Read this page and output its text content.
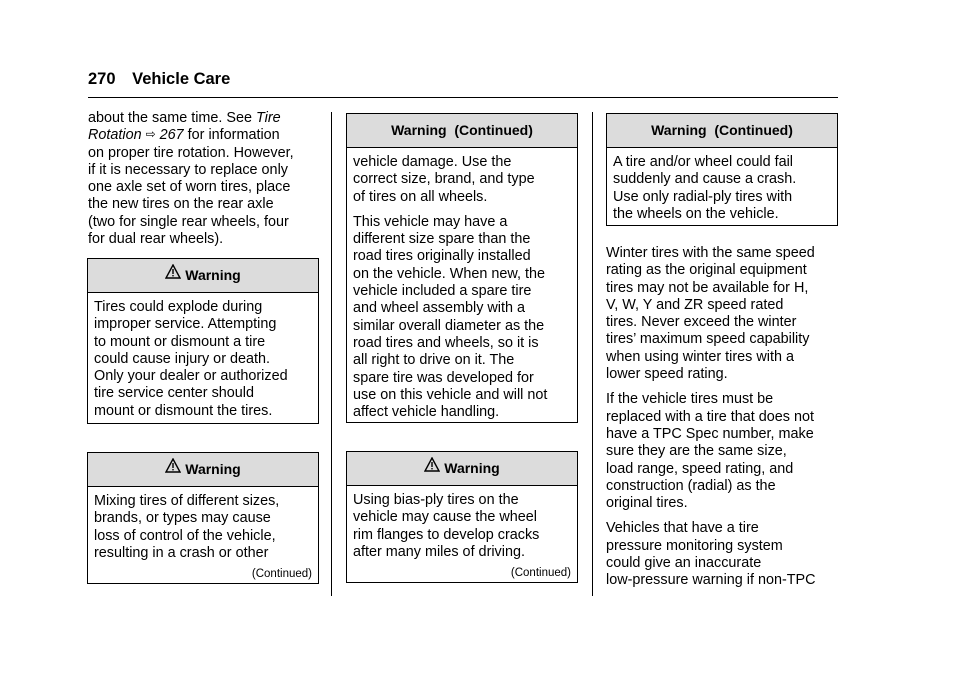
270 Vehicle Care
about the same time. See Tire
Rotation ⇨ 267 for information
on proper tire rotation. However,
if it is necessary to replace only
one axle set of worn tires, place
the new tires on the rear axle
(two for single rear wheels, four
for dual rear wheels).
Warning
Tires could explode during
improper service. Attempting
to mount or dismount a tire
could cause injury or death.
Only your dealer or authorized
tire service center should
mount or dismount the tires.
Warning
Mixing tires of different sizes,
brands, or types may cause
loss of control of the vehicle,
resulting in a crash or other
(Continued)
Warning  (Continued)

vehicle damage. Use the
correct size, brand, and type
of tires on all wheels.

This vehicle may have a
different size spare than the
road tires originally installed
on the vehicle. When new, the
vehicle included a spare tire
and wheel assembly with a
similar overall diameter as the
road tires and wheels, so it is
all right to drive on it. The
spare tire was developed for
use on this vehicle and will not
affect vehicle handling.

Warning
Using bias-ply tires on the
vehicle may cause the wheel
rim flanges to develop cracks
after many miles of driving.
(Continued)
Warning  (Continued)
A tire and/or wheel could fail
suddenly and cause a crash.
Use only radial-ply tires with
the wheels on the vehicle.

Winter tires with the same speed
rating as the original equipment
tires may not be available for H,
V, W, Y and ZR speed rated
tires. Never exceed the winter
tires’ maximum speed capability
when using winter tires with a
lower speed rating.

If the vehicle tires must be
replaced with a tire that does not
have a TPC Spec number, make
sure they are the same size,
load range, speed rating, and
construction (radial) as the
original tires.

Vehicles that have a tire
pressure monitoring system
could give an inaccurate
low-pressure warning if non-TPC
